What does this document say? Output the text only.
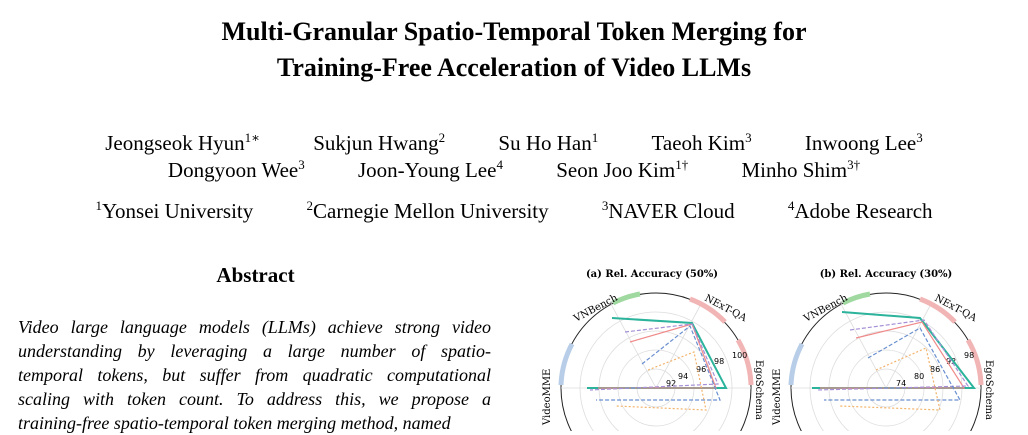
Multi-Granular Spatio-Temporal Token Merging for
Training-Free Acceleration of Video LLMs
Jeongseok Hyun$^{1∗}$	Sukjun Hwang$^2$	Su Ho Han$^1$	Taeoh Kim$^3$	Inwoong Lee$^3$
Dongyoon Wee$^3$	Joon-Young Lee$^4$	Seon Joo Kim$^{1\dagger}$	Minho Shim$^{3\dagger}$
$^1$Yonsei University	$^2$Carnegie Mellon University	$^3$NAVER Cloud	$^4$Adobe Research
Abstract
Video large language models (LLMs) achieve strong video
understanding by leveraging a large number of spatio-
temporal tokens, but suffer from quadratic computational
scaling with token count. To address this, we propose a
training-free spatio-temporal token merging method, named
(a) Rel. Accuracy (50%)
NExT-QA
EgoSchema
VideoMME
VNBench
92
94
96
98
100
(b) Rel. Accuracy (30%)
NExT-QA
EgoSchema
VideoMME
VNBench
74
80
86
92
98
